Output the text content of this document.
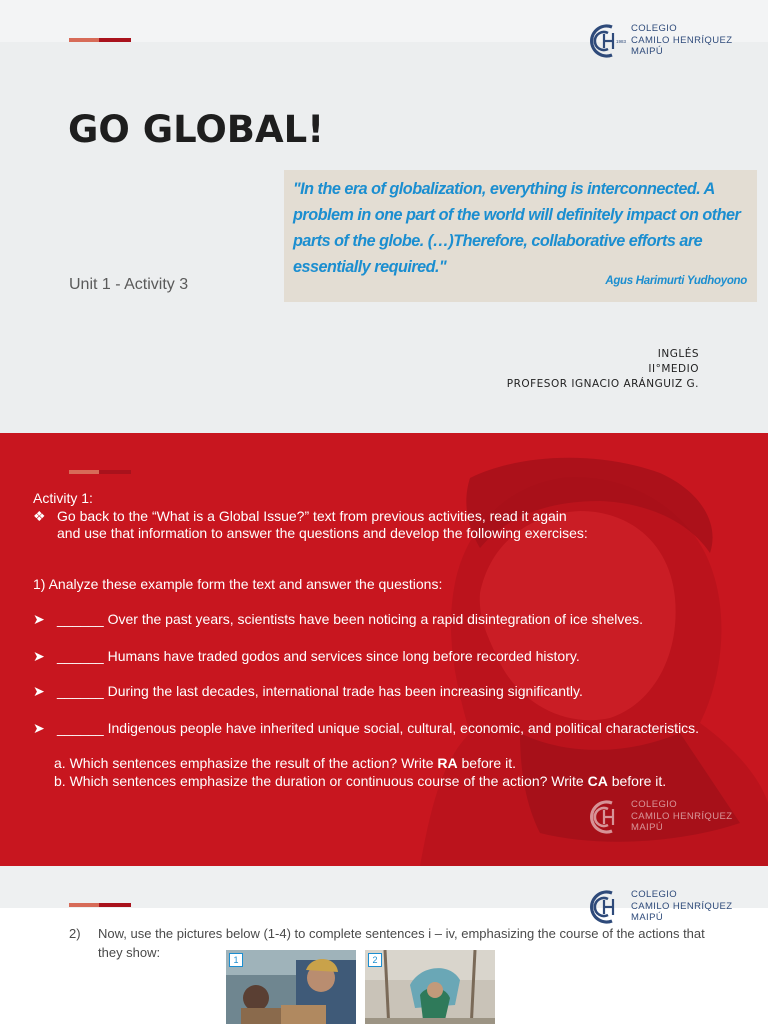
1983
COLEGIO
CAMILO HENRÍQUEZ
MAIPÚ
GO GLOBAL!
"In the era of globalization, everything is interconnected. A problem in one part of the world will definitely impact on other parts of the globe. (…)Therefore, collaborative efforts are essentially required."
Agus Harimurti Yudhoyono
Unit 1 - Activity 3
INGLÉS
II°MEDIO
PROFESOR IGNACIO ARÁNGUIZ G.
Activity 1:
❖ Go back to the “What is a Global Issue?” text from previous activities, read it again
and use that information to answer the questions and develop the following exercises:
1) Analyze these example form the text and answer the questions:
➤ ______ Over the past years, scientists have been noticing a rapid disintegration of ice shelves.
➤ ______ Humans have traded godos and services since long before recorded history.
➤ ______ During the last decades, international trade has been increasing significantly.
➤ ______ Indigenous people have inherited unique social, cultural, economic, and political characteristics.
a. Which sentences emphasize the result of the action? Write RA before it.
b. Which sentences emphasize the duration or continuous course of the action? Write CA before it.
COLEGIO
CAMILO HENRÍQUEZ
MAIPÚ
COLEGIO
CAMILO HENRÍQUEZ
MAIPÚ
2) Now, use the pictures below (1-4) to complete sentences i – iv, emphasizing the course of the actions that they show:	1	2
